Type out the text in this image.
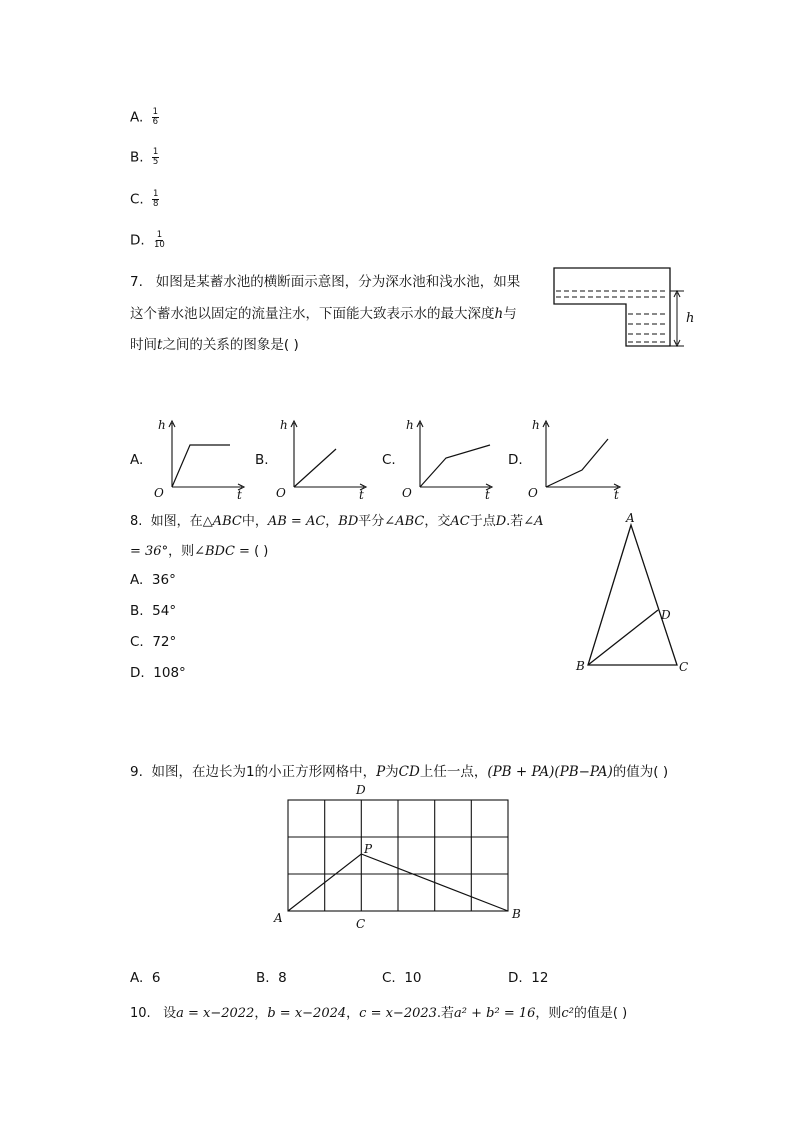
A. $\frac{1}{6}$
B. $\frac{1}{5}$
C. $\frac{1}{8}$
D. $\frac{1}{10}$
7. 如图是某蓄水池的横断面示意图，分为深水池和浅水池，如果
这个蓄水池以固定的流量注水，下面能大致表示水的最大深度h与
时间t之间的关系的图象是( )
h
A.
h
t
O
B.
h
t
O
C.
h
t
O
D.
h
t
O
8. 如图，在△ABC中，AB = AC，BD平分∠ABC，交AC于点D.若∠A
= 36°，则∠BDC = ( )
A. 36°
B. 54°
C. 72°
D. 108°
A
B	C
D
9. 如图，在边长为1的小正方形网格中，P为CD上任一点，(PB + PA)(PB−PA)的值为( )
D
P
A	C
B
A. 6	B. 8	C. 10	D. 12
10. 设a = x−2022，b = x−2024，c = x−2023.若a² + b² = 16，则c²的值是( )
